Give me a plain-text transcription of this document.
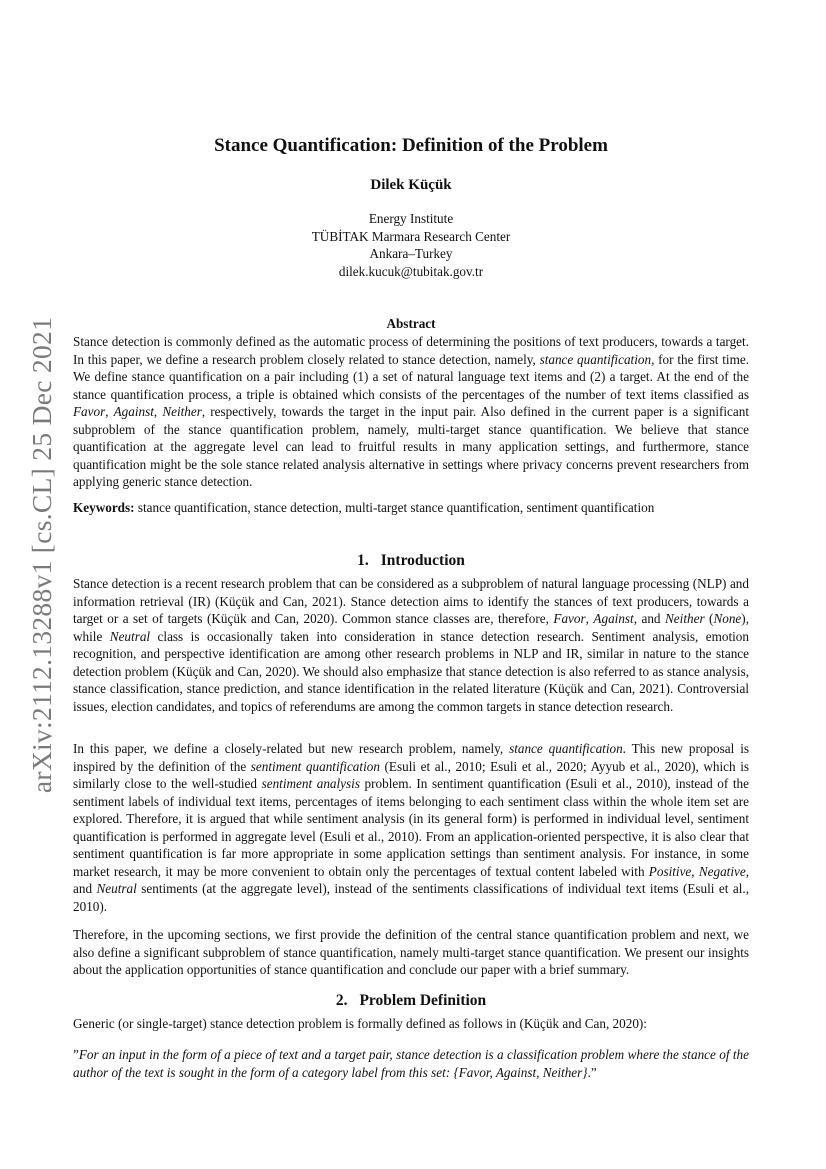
arXiv:2112.13288v1 [cs.CL] 25 Dec 2021
Stance Quantification: Definition of the Problem
Dilek Küçük
Energy Institute
TÜBİTAK Marmara Research Center
Ankara–Turkey
dilek.kucuk@tubitak.gov.tr
Abstract

Stance detection is commonly defined as the automatic process of determining the positions of text producers, towards a target. In this paper, we define a research problem closely related to stance detection, namely, stance quantification, for the first time. We define stance quantification on a pair including (1) a set of natural language text items and (2) a target. At the end of the stance quantification process, a triple is obtained which consists of the percentages of the number of text items classified as Favor, Against, Neither, respectively, towards the target in the input pair. Also defined in the current paper is a significant subproblem of the stance quantification problem, namely, multi-target stance quantification. We believe that stance quantification at the aggregate level can lead to fruitful results in many application settings, and furthermore, stance quantification might be the sole stance related analysis alternative in settings where privacy concerns prevent researchers from applying generic stance detection.

Keywords: stance quantification, stance detection, multi-target stance quantification, sentiment quantification

1. Introduction

Stance detection is a recent research problem that can be considered as a subproblem of natural language processing (NLP) and information retrieval (IR) (Küçük and Can, 2021). Stance detection aims to identify the stances of text producers, towards a target or a set of targets (Küçük and Can, 2020). Common stance classes are, therefore, Favor, Against, and Neither (None), while Neutral class is occasionally taken into consideration in stance detection research. Sentiment analysis, emotion recognition, and perspective identification are among other research problems in NLP and IR, similar in nature to the stance detection problem (Küçük and Can, 2020). We should also emphasize that stance detection is also referred to as stance analysis, stance classification, stance prediction, and stance identification in the related literature (Küçük and Can, 2021). Controversial issues, election candidates, and topics of referendums are among the common targets in stance detection research.

In this paper, we define a closely-related but new research problem, namely, stance quantification. This new proposal is inspired by the definition of the sentiment quantification (Esuli et al., 2010; Esuli et al., 2020; Ayyub et al., 2020), which is similarly close to the well-studied sentiment analysis problem. In sentiment quantification (Esuli et al., 2010), instead of the sentiment labels of individual text items, percentages of items belonging to each sentiment class within the whole item set are explored. Therefore, it is argued that while sentiment analysis (in its general form) is performed in individual level, sentiment quantification is performed in aggregate level (Esuli et al., 2010). From an application-oriented perspective, it is also clear that sentiment quantification is far more appropriate in some application settings than sentiment analysis. For instance, in some market research, it may be more convenient to obtain only the percentages of textual content labeled with Positive, Negative, and Neutral sentiments (at the aggregate level), instead of the sentiments classifications of individual text items (Esuli et al., 2010).

Therefore, in the upcoming sections, we first provide the definition of the central stance quantification problem and next, we also define a significant subproblem of stance quantification, namely multi-target stance quantification. We present our insights about the application opportunities of stance quantification and conclude our paper with a brief summary.

2. Problem Definition

Generic (or single-target) stance detection problem is formally defined as follows in (Küçük and Can, 2020):

”For an input in the form of a piece of text and a target pair, stance detection is a classification problem where the stance of the author of the text is sought in the form of a category label from this set: {Favor, Against, Neither}.”
